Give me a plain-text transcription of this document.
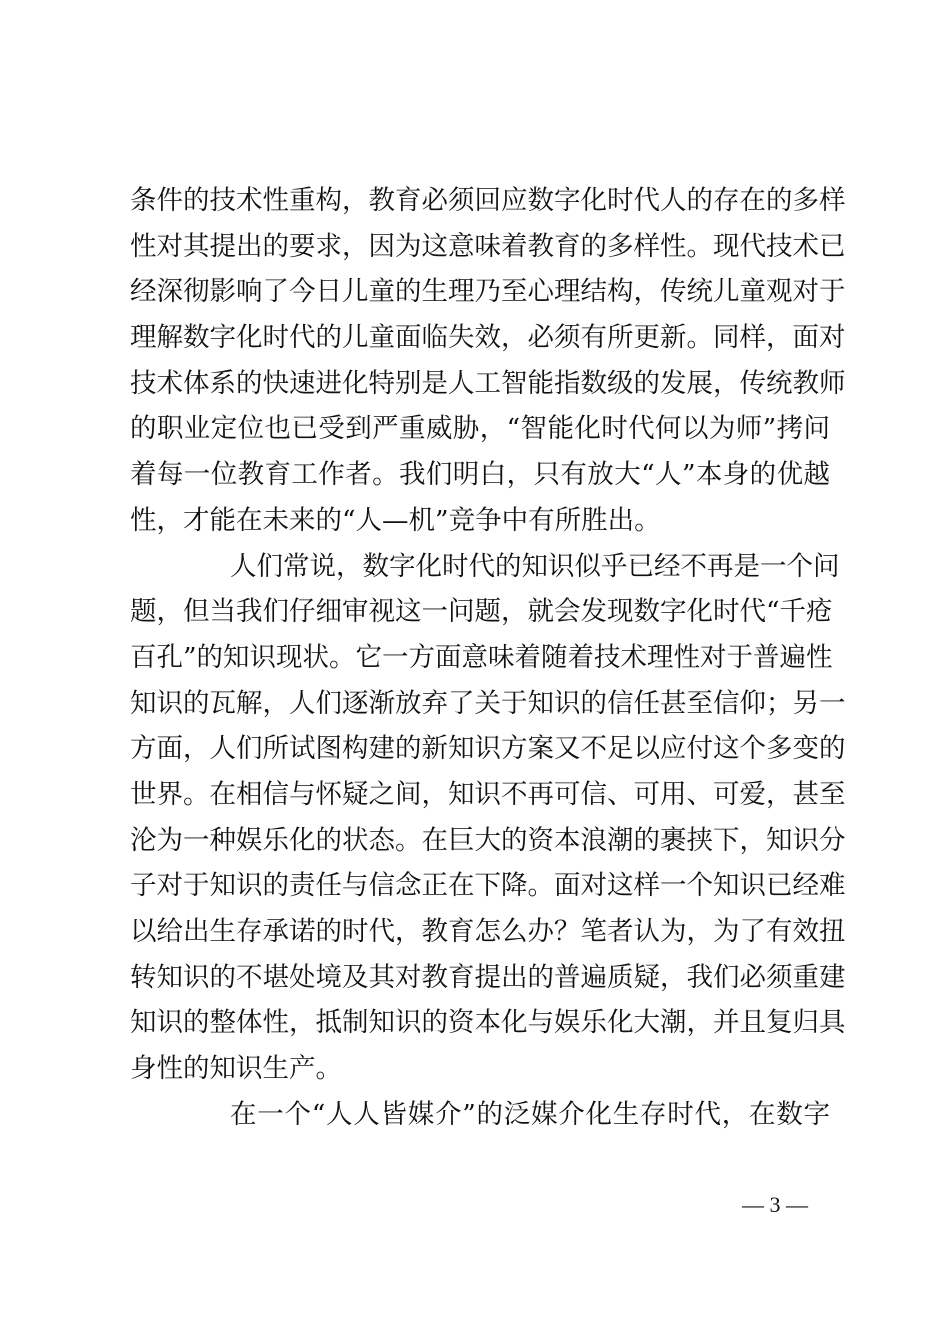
条件的技术性重构，教育必须回应数字化时代人的存在的多样
性对其提出的要求，因为这意味着教育的多样性。现代技术已
经深彻影响了今日儿童的生理乃至心理结构，传统儿童观对于
理解数字化时代的儿童面临失效，必须有所更新。同样，面对
技术体系的快速进化特别是人工智能指数级的发展，传统教师
的职业定位也已受到严重威胁，“智能化时代何以为师”拷问
着每一位教育工作者。我们明白，只有放大“人”本身的优越
性，才能在未来的“人—机”竞争中有所胜出。
人们常说，数字化时代的知识似乎已经不再是一个问
题，但当我们仔细审视这一问题，就会发现数字化时代“千疮
百孔”的知识现状。它一方面意味着随着技术理性对于普遍性
知识的瓦解，人们逐渐放弃了关于知识的信任甚至信仰；另一
方面，人们所试图构建的新知识方案又不足以应付这个多变的
世界。在相信与怀疑之间，知识不再可信、可用、可爱，甚至
沦为一种娱乐化的状态。在巨大的资本浪潮的裹挟下，知识分
子对于知识的责任与信念正在下降。面对这样一个知识已经难
以给出生存承诺的时代，教育怎么办？笔者认为，为了有效扭
转知识的不堪处境及其对教育提出的普遍质疑，我们必须重建
知识的整体性，抵制知识的资本化与娱乐化大潮，并且复归具
身性的知识生产。
在一个“人人皆媒介”的泛媒介化生存时代，在数字
— 3 —
